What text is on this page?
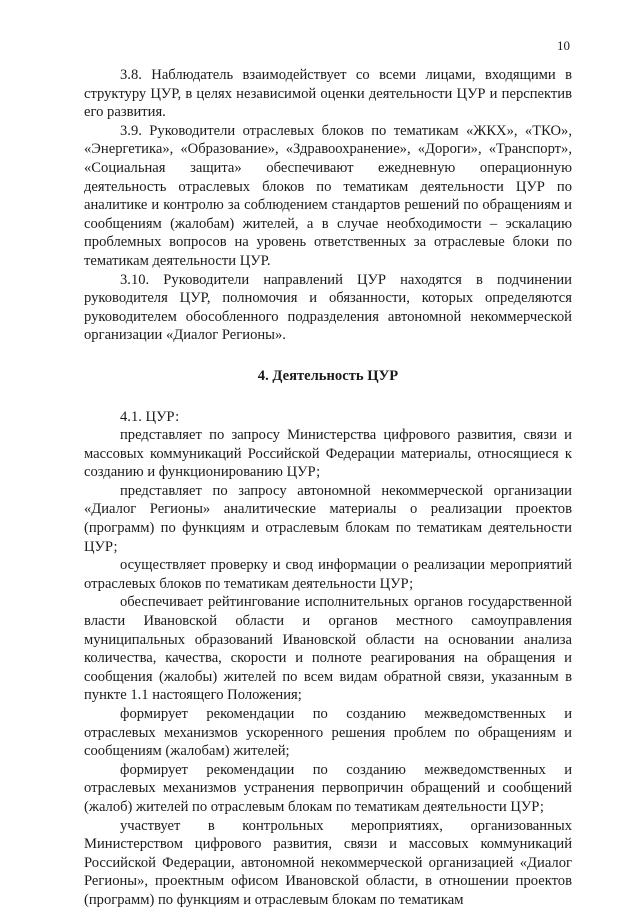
10

3.8. Наблюдатель взаимодействует со всеми лицами, входящими в структуру ЦУР, в целях независимой оценки деятельности ЦУР и перспектив его развития.

3.9. Руководители отраслевых блоков по тематикам «ЖКХ», «ТКО», «Энергетика», «Образование», «Здравоохранение», «Дороги», «Транспорт», «Социальная защита» обеспечивают ежедневную операционную деятельность отраслевых блоков по тематикам деятельности ЦУР по аналитике и контролю за соблюдением стандартов решений по обращениям и сообщениям (жалобам) жителей, а в случае необходимости – эскалацию проблемных вопросов на уровень ответственных за отраслевые блоки по тематикам деятельности ЦУР.

3.10. Руководители направлений ЦУР находятся в подчинении руководителя ЦУР, полномочия и обязанности, которых определяются руководителем обособленного подразделения автономной некоммерческой организации «Диалог Регионы».

4. Деятельность ЦУР

4.1. ЦУР:

представляет по запросу Министерства цифрового развития, связи и массовых коммуникаций Российской Федерации материалы, относящиеся к созданию и функционированию ЦУР;

представляет по запросу автономной некоммерческой организации «Диалог Регионы» аналитические материалы о реализации проектов (программ) по функциям и отраслевым блокам по тематикам деятельности ЦУР;

осуществляет проверку и свод информации о реализации мероприятий отраслевых блоков по тематикам деятельности ЦУР;

обеспечивает рейтингование исполнительных органов государственной власти Ивановской области и органов местного самоуправления муниципальных образований Ивановской области на основании анализа количества, качества, скорости и полноте реагирования на обращения и сообщения (жалобы) жителей по всем видам обратной связи, указанным в пункте 1.1 настоящего Положения;

формирует рекомендации по созданию межведомственных и отраслевых механизмов ускоренного решения проблем по обращениям и сообщениям (жалобам) жителей;

формирует рекомендации по созданию межведомственных и отраслевых механизмов устранения первопричин обращений и сообщений (жалоб) жителей по отраслевым блокам по тематикам деятельности ЦУР;

участвует в контрольных мероприятиях, организованных Министерством цифрового развития, связи и массовых коммуникаций Российской Федерации, автономной некоммерческой организацией «Диалог Регионы», проектным офисом Ивановской области, в отношении проектов (программ) по функциям и отраслевым блокам по тематикам
